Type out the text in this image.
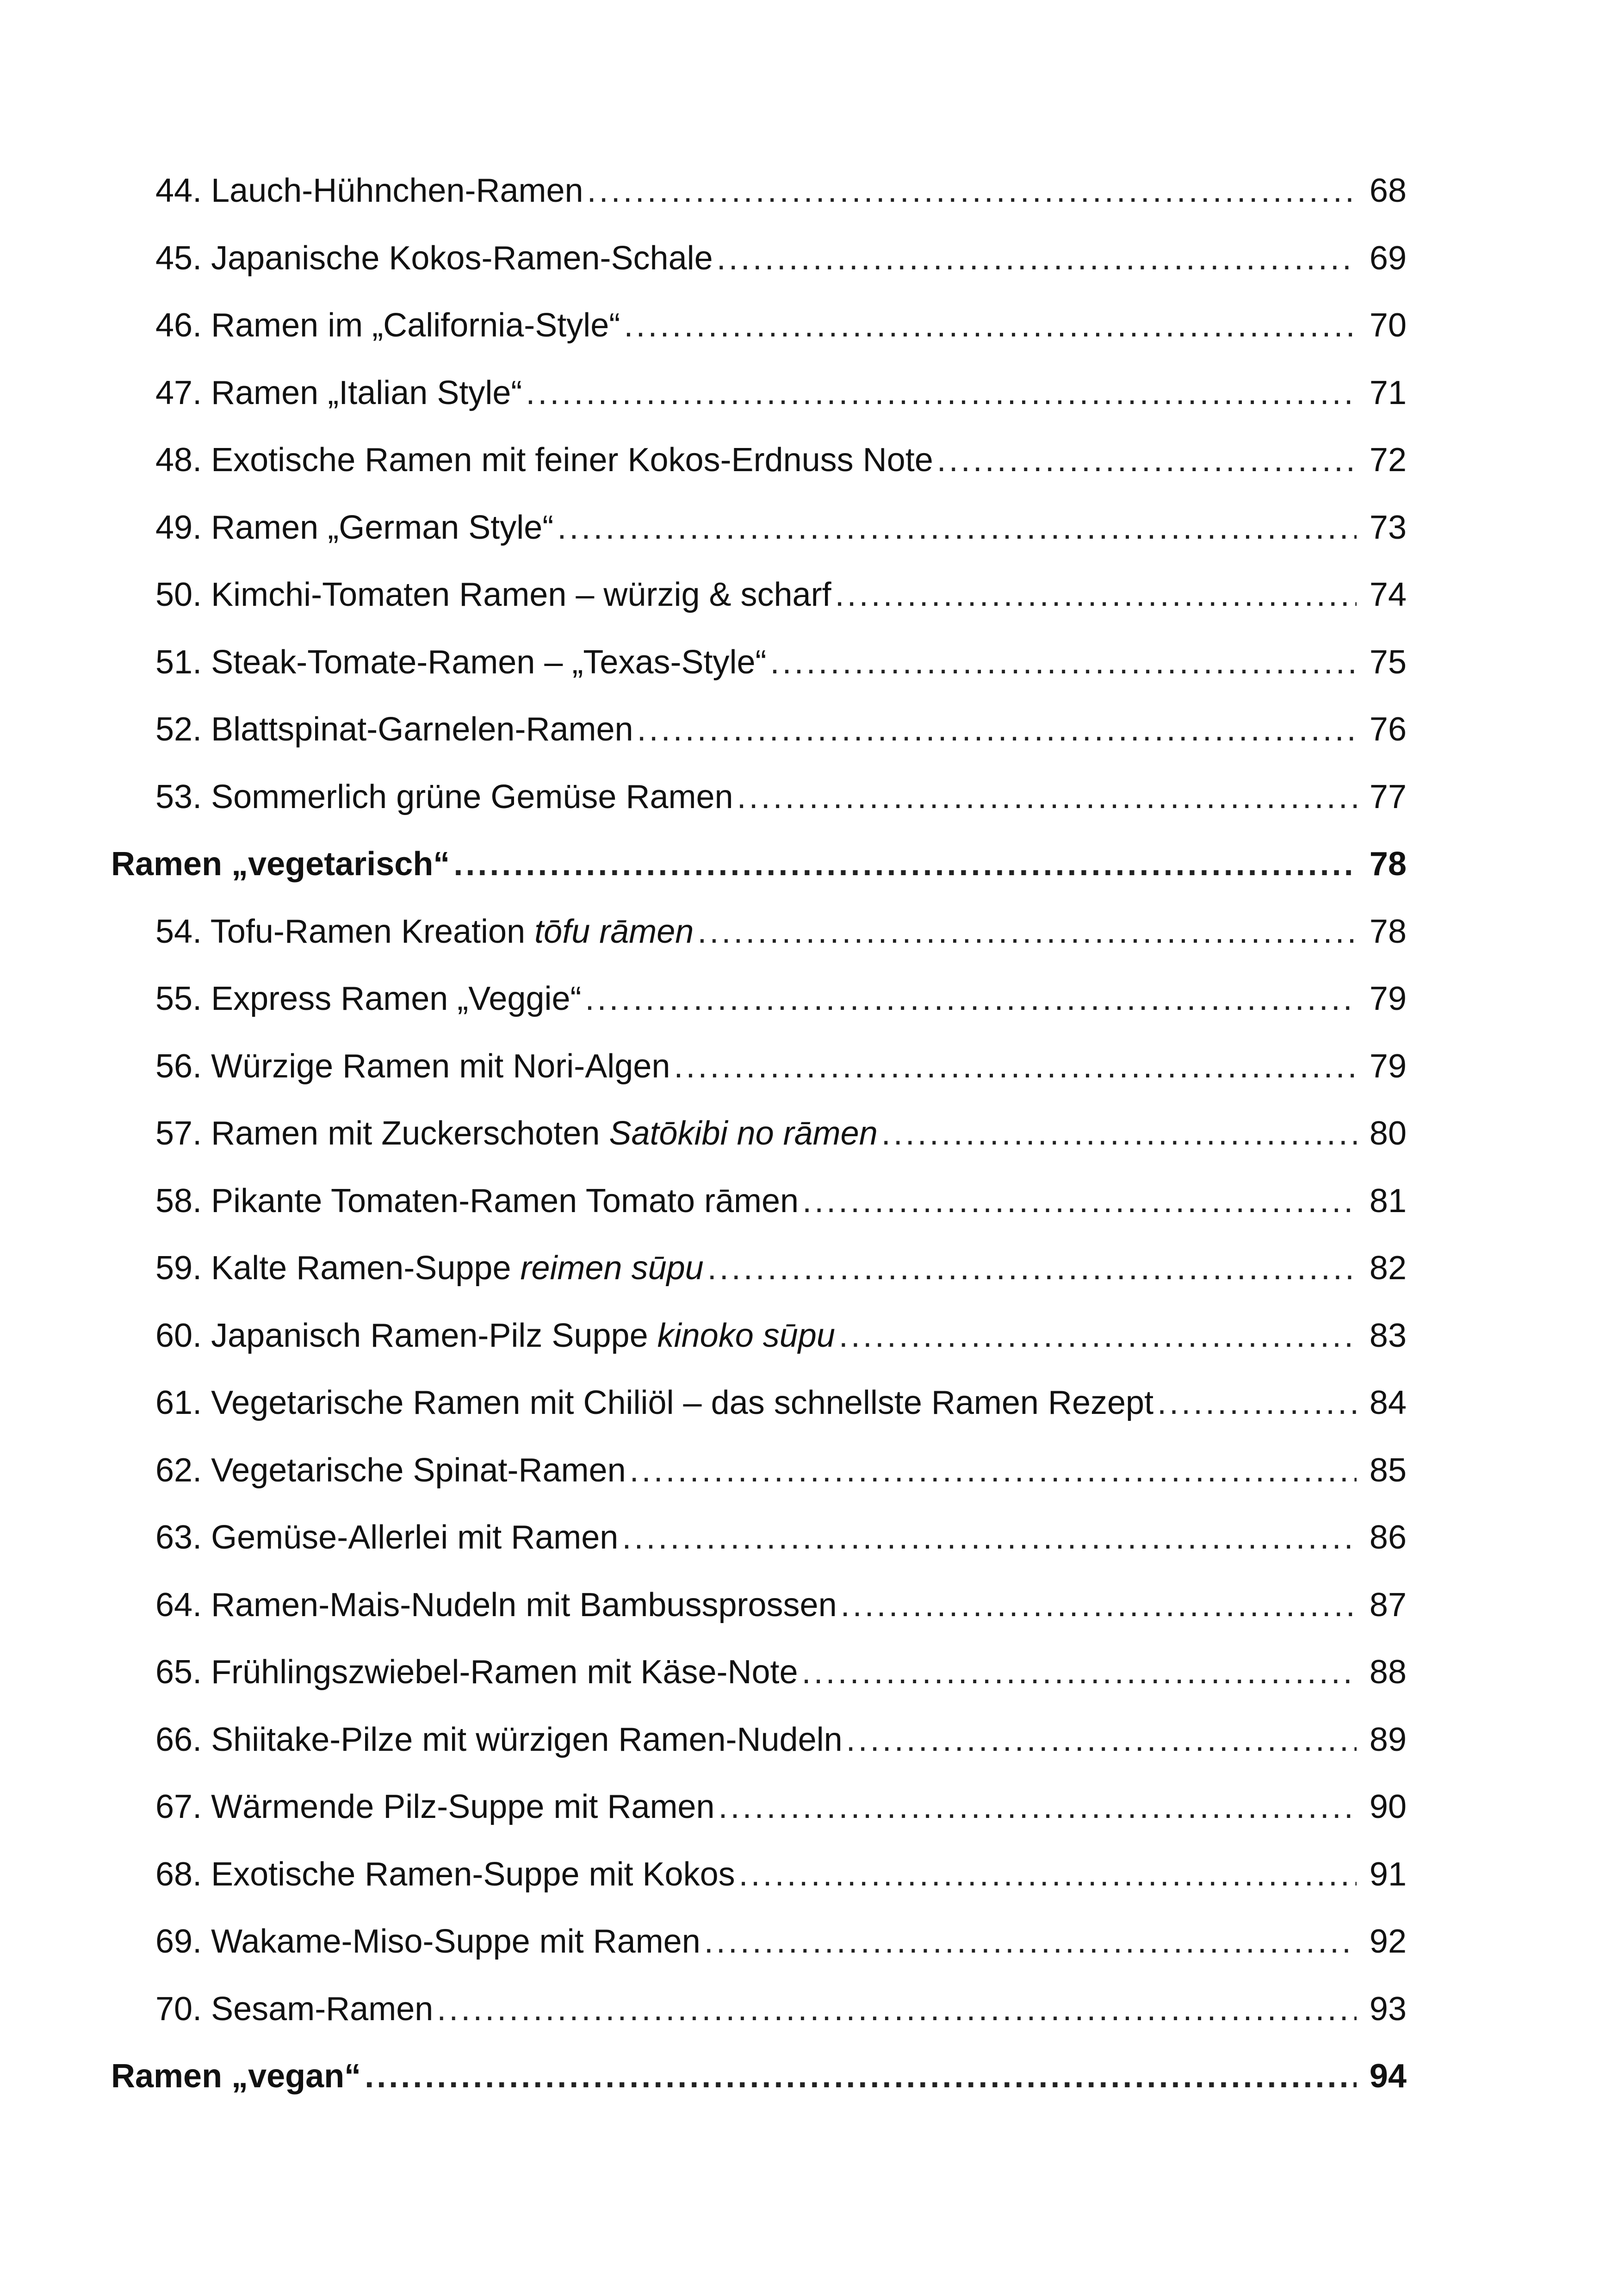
44. Lauch-Hühnchen-Ramen .....	68
45. Japanische Kokos-Ramen-Schale .....	69
46. Ramen im „California-Style“ .....	70
47. Ramen „Italian Style“ .....	71
48. Exotische Ramen mit feiner Kokos-Erdnuss Note .....	72
49. Ramen „German Style“ .....	73
50. Kimchi-Tomaten Ramen – würzig & scharf .....	74
51. Steak-Tomate-Ramen – „Texas-Style“ .....	75
52. Blattspinat-Garnelen-Ramen .....	76
53. Sommerlich grüne Gemüse Ramen .....	77
Ramen „vegetarisch“ .....	78
54. Tofu-Ramen Kreation tōfu rāmen .....	78
55. Express Ramen „Veggie“ .....	79
56. Würzige Ramen mit Nori-Algen .....	79
57. Ramen mit Zuckerschoten Satōkibi no rāmen .....	80
58. Pikante Tomaten-Ramen Tomato rāmen .....	81
59. Kalte Ramen-Suppe reimen sūpu .....	82
60. Japanisch Ramen-Pilz Suppe kinoko sūpu .....	83
61. Vegetarische Ramen mit Chiliöl – das schnellste Ramen Rezept .....	84
62. Vegetarische Spinat-Ramen .....	85
63. Gemüse-Allerlei mit Ramen .....	86
64. Ramen-Mais-Nudeln mit Bambussprossen .....	87
65. Frühlingszwiebel-Ramen mit Käse-Note .....	88
66. Shiitake-Pilze mit würzigen Ramen-Nudeln .....	89
67. Wärmende Pilz-Suppe mit Ramen .....	90
68. Exotische Ramen-Suppe mit Kokos .....	91
69. Wakame-Miso-Suppe mit Ramen .....	92
70. Sesam-Ramen .....	93
Ramen „vegan“ .....	94
